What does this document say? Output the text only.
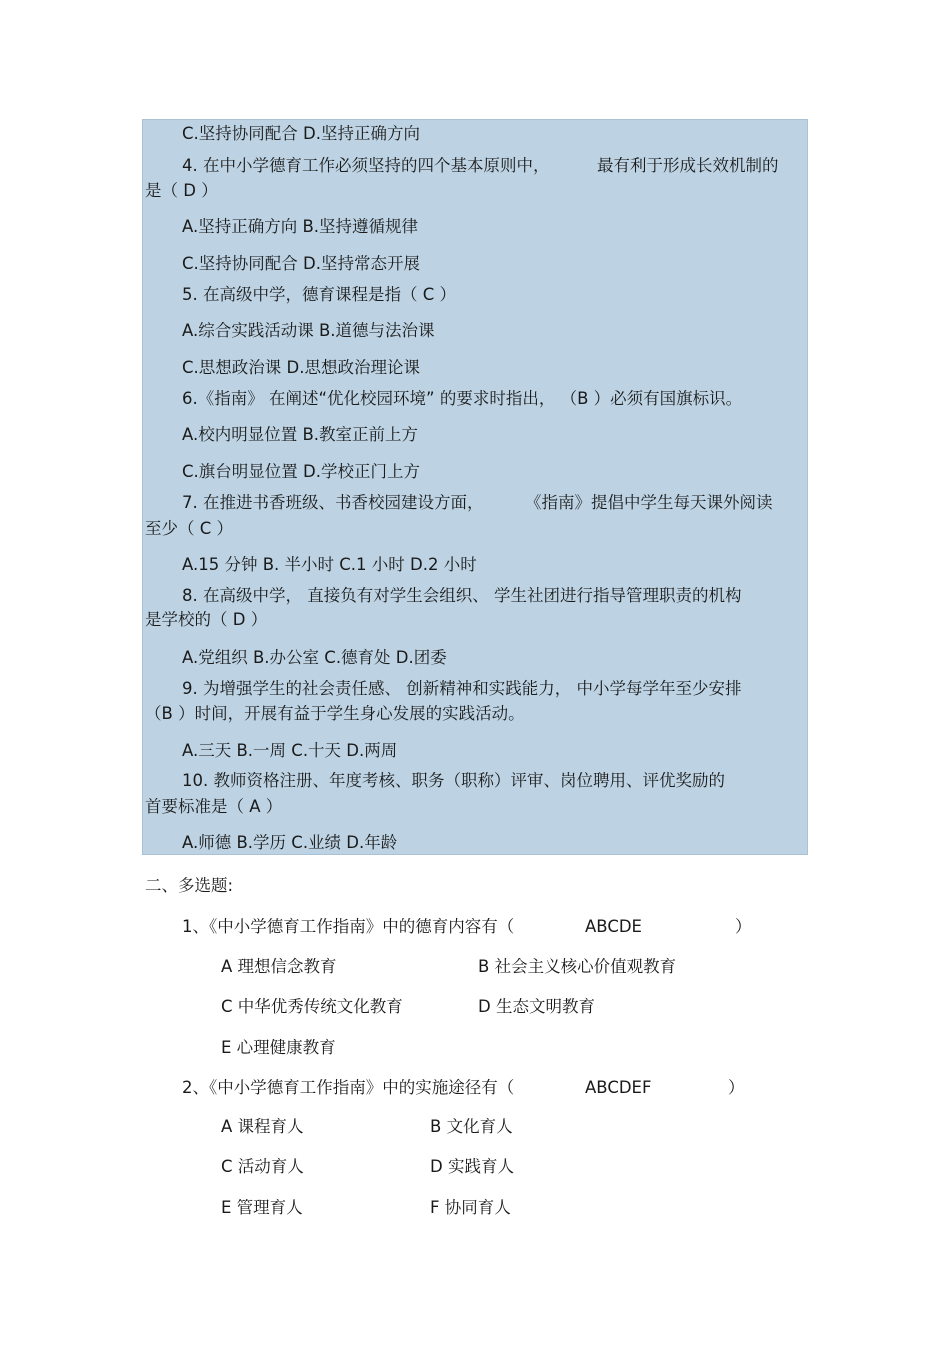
C.坚持协同配合 D.坚持正确方向
4. 在中小学德育工作必须坚持的四个基本原则中，	最有利于形成长效机制的
是（ D ）
A.坚持正确方向 B.坚持遵循规律
C.坚持协同配合 D.坚持常态开展
5. 在高级中学，德育课程是指（ C ）
A.综合实践活动课 B.道德与法治课
C.思想政治课 D.思想政治理论课
6.《指南》 在阐述“优化校园环境” 的要求时指出， （B ）必须有国旗标识。
A.校内明显位置 B.教室正前上方
C.旗台明显位置 D.学校正门上方
7. 在推进书香班级、书香校园建设方面，	《指南》提倡中学生每天课外阅读
至少（ C ）
A.15 分钟 B. 半小时 C.1 小时 D.2 小时
8. 在高级中学， 直接负有对学生会组织、 学生社团进行指导管理职责的机构
是学校的（ D ）
A.党组织 B.办公室 C.德育处 D.团委
9. 为增强学生的社会责任感、 创新精神和实践能力， 中小学每学年至少安排
（B ）时间，开展有益于学生身心发展的实践活动。
A.三天 B.一周 C.十天 D.两周
10. 教师资格注册、年度考核、职务（职称）评审、岗位聘用、评优奖励的
首要标准是（ A ）
A.师德 B.学历 C.业绩 D.年龄
二、多选题:
1、《中小学德育工作指南》中的德育内容有（	ABCDE	）
A 理想信念教育	B 社会主义核心价值观教育
C 中华优秀传统文化教育	D 生态文明教育
E 心理健康教育
2、《中小学德育工作指南》中的实施途径有（	ABCDEF	）
A 课程育人	B 文化育人
C 活动育人	D 实践育人
E 管理育人	F 协同育人
